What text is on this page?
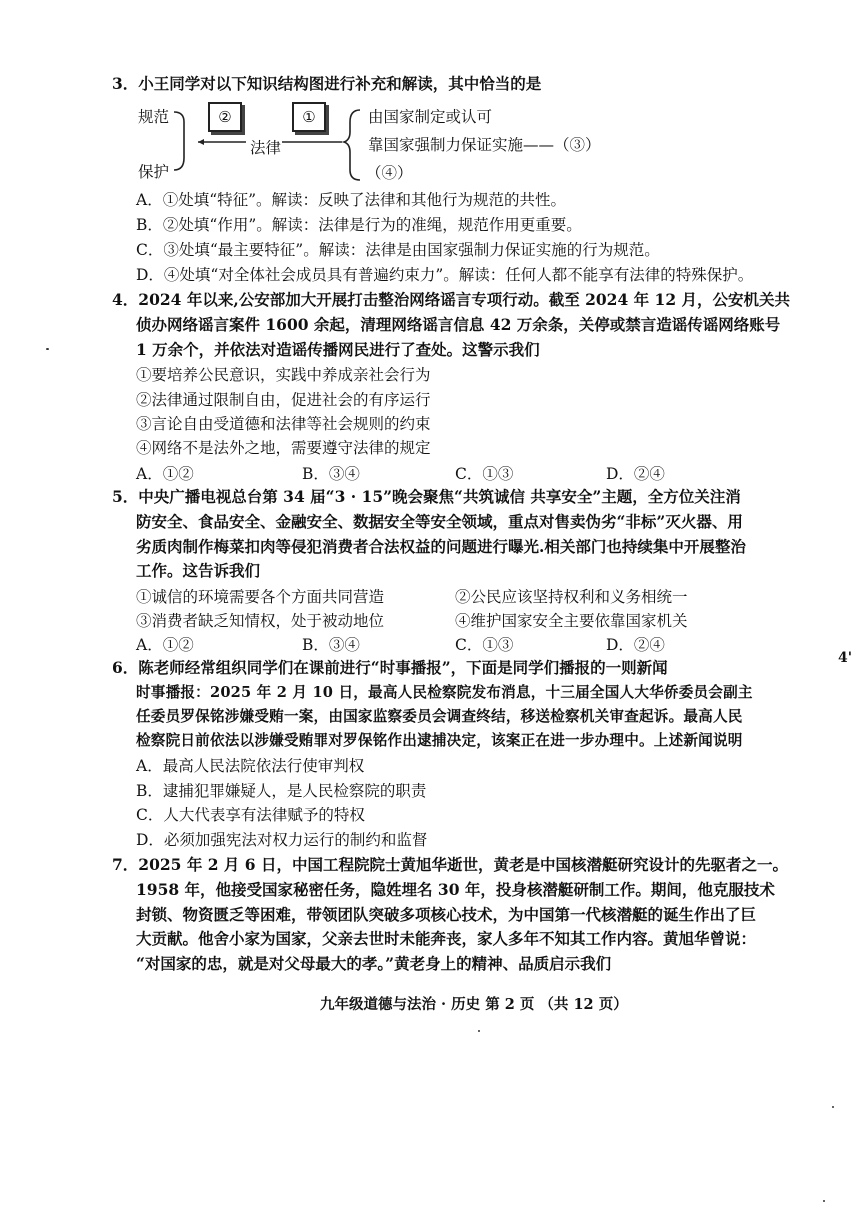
3．小王同学对以下知识结构图进行补充和解读，其中恰当的是
规范
保护
②	①
法律
由国家制定或认可
靠国家强制力保证实施——（③）
（④）
A．①处填“特征”。解读：反映了法律和其他行为规范的共性。
B．②处填“作用”。解读：法律是行为的准绳，规范作用更重要。
C．③处填“最主要特征”。解读：法律是由国家强制力保证实施的行为规范。
D．④处填“对全体社会成员具有普遍约束力”。解读：任何人都不能享有法律的特殊保护。
4．2024 年以来,公安部加大开展打击整治网络谣言专项行动。截至 2024 年 12 月，公安机关共
侦办网络谣言案件 1600 余起，清理网络谣言信息 42 万余条，关停或禁言造谣传谣网络账号
1 万余个，并依法对造谣传播网民进行了查处。这警示我们
①要培养公民意识，实践中养成亲社会行为
②法律通过限制自由，促进社会的有序运行
③言论自由受道德和法律等社会规则的约束
④网络不是法外之地，需要遵守法律的规定
A．①②	B．③④	C．①③	D．②④
5．中央广播电视总台第 34 届“3 · 15”晚会聚焦“共筑诚信 共享安全”主题，全方位关注消
防安全、食品安全、金融安全、数据安全等安全领域，重点对售卖伪劣“非标”灭火器、用
劣质肉制作梅菜扣肉等侵犯消费者合法权益的问题进行曝光.相关部门也持续集中开展整治
工作。这告诉我们
①诚信的环境需要各个方面共同营造	②公民应该坚持权利和义务相统一
③消费者缺乏知情权，处于被动地位	④维护国家安全主要依靠国家机关
A．①②	B．③④	C．①③	D．②④
6．陈老师经常组织同学们在课前进行“时事播报”，下面是同学们播报的一则新闻
时事播报：2025 年 2 月 10 日，最高人民检察院发布消息，十三届全国人大华侨委员会副主
任委员罗保铭涉嫌受贿一案，由国家监察委员会调查终结，移送检察机关审查起诉。最高人民
检察院日前依法以涉嫌受贿罪对罗保铭作出逮捕决定，该案正在进一步办理中。上述新闻说明
A．最高人民法院依法行使审判权
B．逮捕犯罪嫌疑人，是人民检察院的职责
C．人大代表享有法律赋予的特权
D．必须加强宪法对权力运行的制约和监督
7．2025 年 2 月 6 日，中国工程院院士黄旭华逝世，黄老是中国核潜艇研究设计的先驱者之一。
1958 年，他接受国家秘密任务，隐姓埋名 30 年，投身核潜艇研制工作。期间，他克服技术
封锁、物资匮乏等困难，带领团队突破多项核心技术，为中国第一代核潜艇的诞生作出了巨
大贡献。他舍小家为国家，父亲去世时未能奔丧，家人多年不知其工作内容。黄旭华曾说：
“对国家的忠，就是对父母最大的孝。”黄老身上的精神、品质启示我们
九年级道德与法治 · 历史 第 2 页 （共 12 页）
4'
